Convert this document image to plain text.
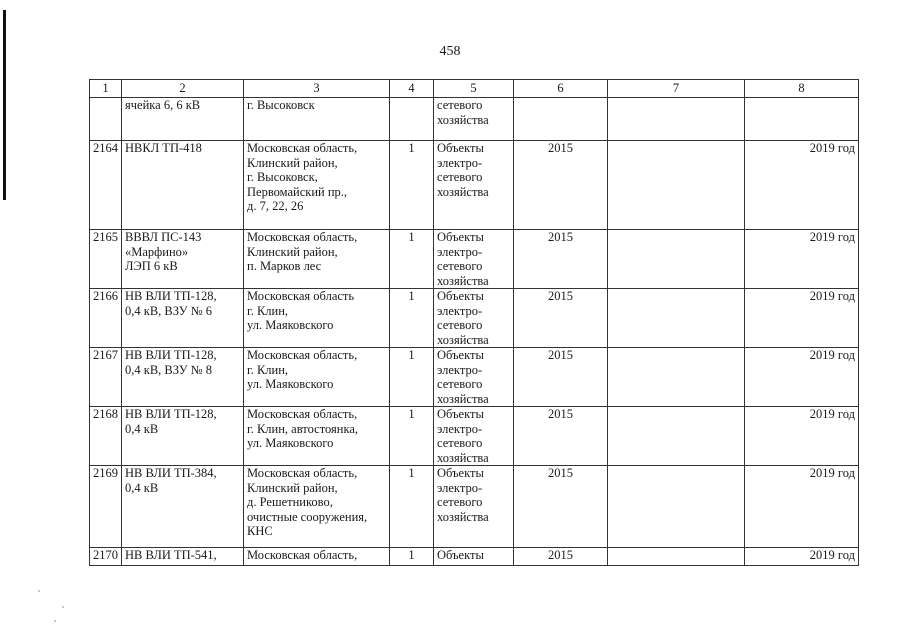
458
1	2	3	4	5	6	7	8
	ячейка 6, 6 кВ	г. Высоковск		сетевого
хозяйства			
2164	НВКЛ ТП-418	Московская область,
Клинский район,
г. Высоковск,
Первомайский пр.,
д. 7, 22, 26	1	Объекты
электро-
сетевого
хозяйства	2015		2019 год
2165	ВВВЛ ПС-143
«Марфино»
ЛЭП 6 кВ	Московская область,
Клинский район,
п. Марков лес	1	Объекты
электро-
сетевого
хозяйства	2015		2019 год
2166	НВ ВЛИ ТП-128,
0,4 кВ, ВЗУ № 6	Московская область
г. Клин,
ул. Маяковского	1	Объекты
электро-
сетевого
хозяйства	2015		2019 год
2167	НВ ВЛИ ТП-128,
0,4 кВ, ВЗУ № 8	Московская область,
г. Клин,
ул. Маяковского	1	Объекты
электро-
сетевого
хозяйства	2015		2019 год
2168	НВ ВЛИ ТП-128,
0,4 кВ	Московская область,
г. Клин, автостоянка,
ул. Маяковского	1	Объекты
электро-
сетевого
хозяйства	2015		2019 год
2169	НВ ВЛИ ТП-384,
0,4 кВ	Московская область,
Клинский район,
д. Решетниково,
очистные сооружения,
КНС	1	Объекты
электро-
сетевого
хозяйства	2015		2019 год
2170	НВ ВЛИ ТП-541,	Московская область,	1	Объекты	2015		2019 год
